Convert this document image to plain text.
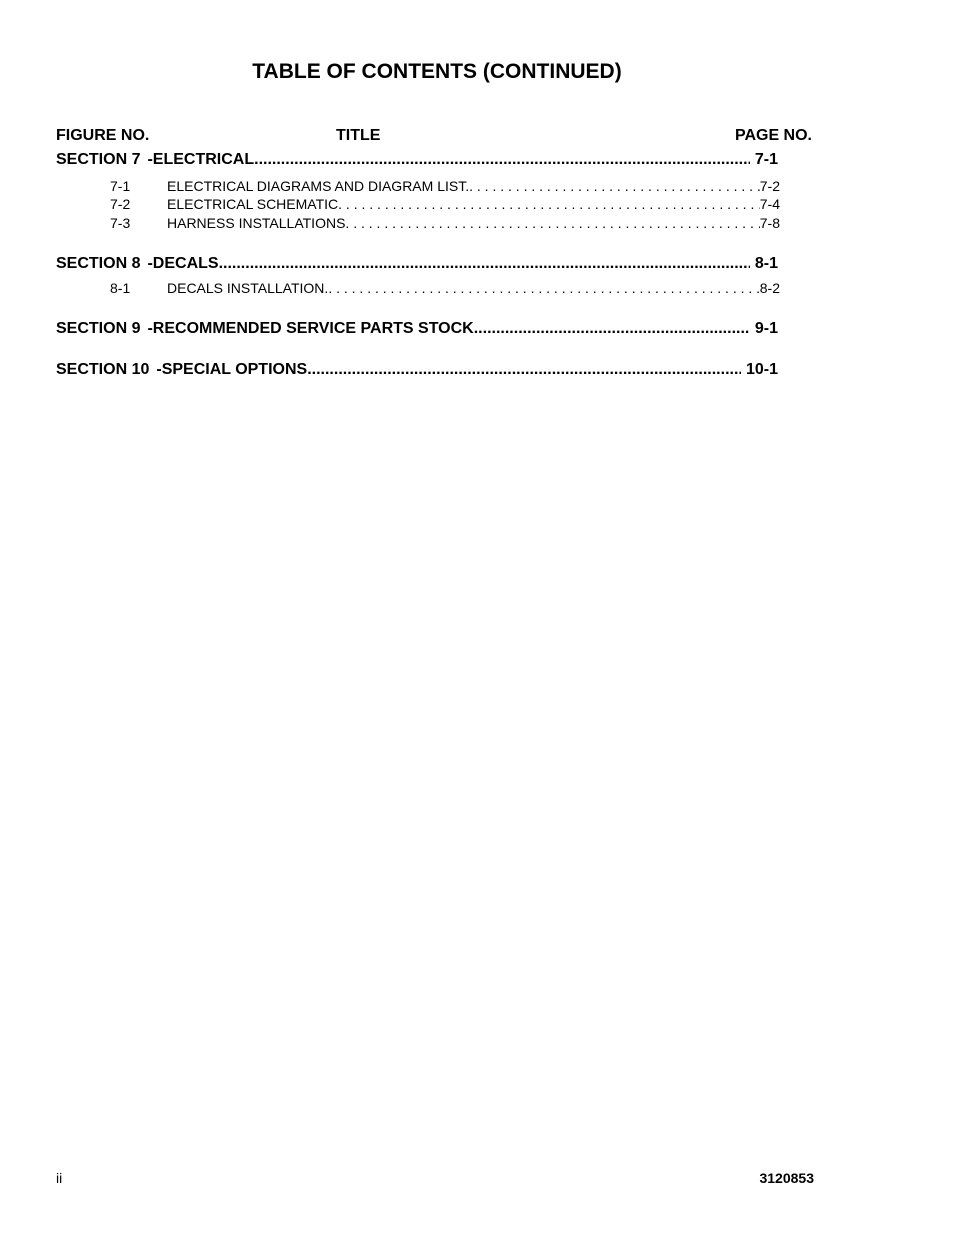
TABLE OF CONTENTS (CONTINUED)
FIGURE NO.	TITLE	PAGE NO.
SECTION 7 -ELECTRICAL .....	7-1
7-1	ELECTRICAL DIAGRAMS AND DIAGRAM LIST. . . .	7-2
7-2	ELECTRICAL SCHEMATIC . . .	7-4
7-3	HARNESS INSTALLATIONS . . .	7-8
SECTION 8 -DECALS .....	8-1
8-1	DECALS INSTALLATION. . . .	8-2
SECTION 9 -RECOMMENDED SERVICE PARTS STOCK .....	9-1
SECTION 10 -SPECIAL OPTIONS .....	10-1
ii	3120853
